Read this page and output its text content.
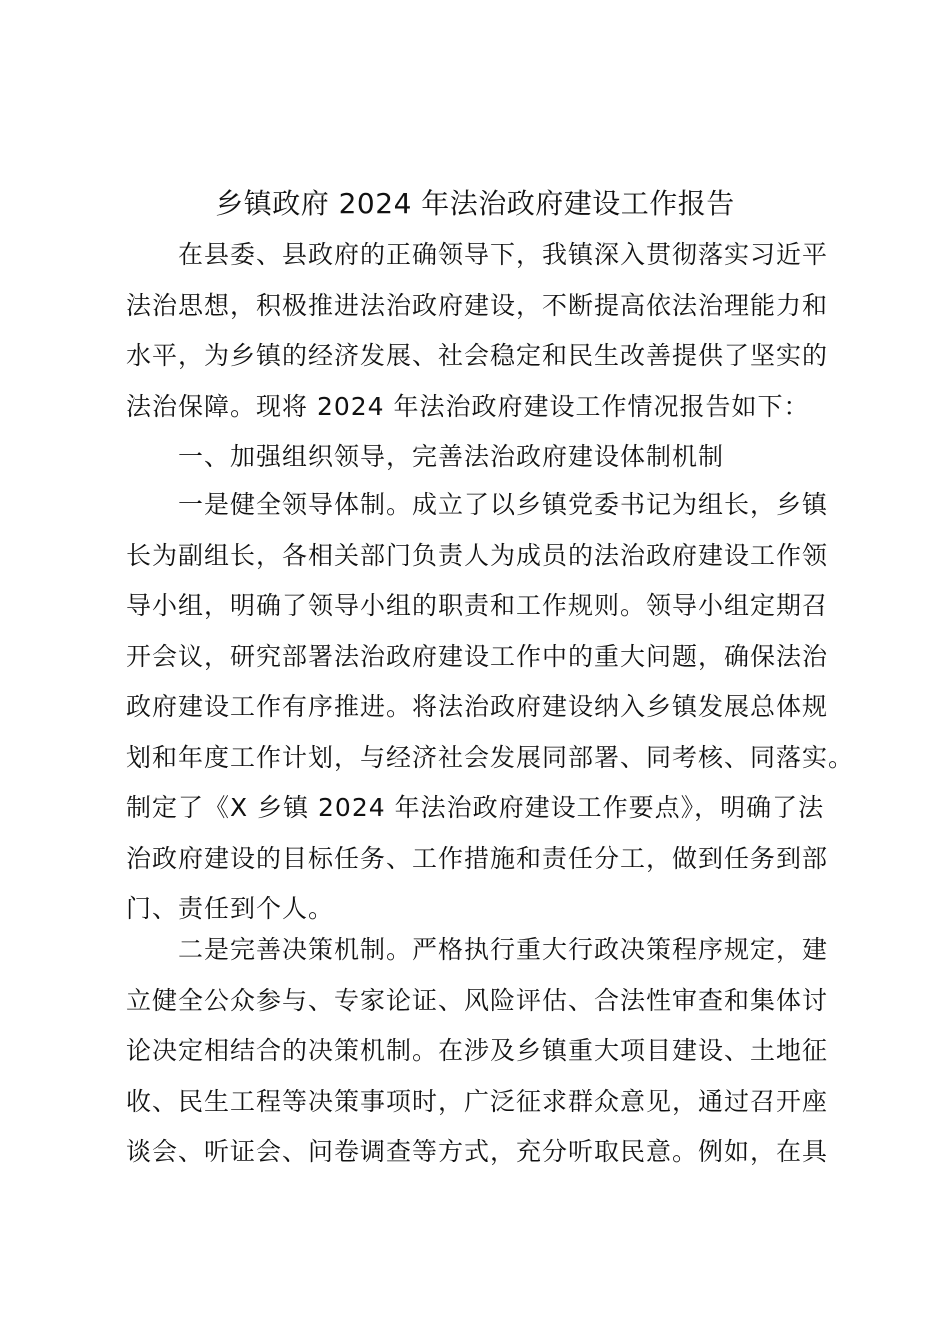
乡镇政府 2024 年法治政府建设工作报告
在县委、县政府的正确领导下，我镇深入贯彻落实习近平
法治思想，积极推进法治政府建设，不断提高依法治理能力和
水平，为乡镇的经济发展、社会稳定和民生改善提供了坚实的
法治保障。现将 2024 年法治政府建设工作情况报告如下：
一、加强组织领导，完善法治政府建设体制机制
一是健全领导体制。成立了以乡镇党委书记为组长，乡镇
长为副组长，各相关部门负责人为成员的法治政府建设工作领
导小组，明确了领导小组的职责和工作规则。领导小组定期召
开会议，研究部署法治政府建设工作中的重大问题，确保法治
政府建设工作有序推进。将法治政府建设纳入乡镇发展总体规
划和年度工作计划，与经济社会发展同部署、同考核、同落实。
制定了《X 乡镇 2024 年法治政府建设工作要点》，明确了法
治政府建设的目标任务、工作措施和责任分工，做到任务到部
门、责任到个人。
二是完善决策机制。严格执行重大行政决策程序规定，建
立健全公众参与、专家论证、风险评估、合法性审查和集体讨
论决定相结合的决策机制。在涉及乡镇重大项目建设、土地征
收、民生工程等决策事项时，广泛征求群众意见，通过召开座
谈会、听证会、问卷调查等方式，充分听取民意。例如，在具
